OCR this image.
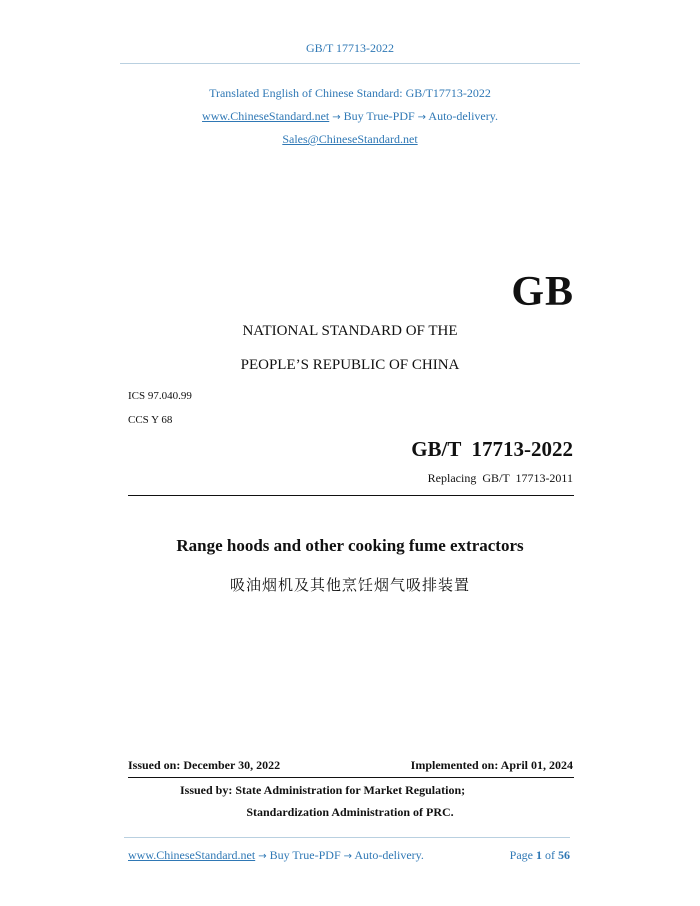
GB/T 17713-2022
Translated English of Chinese Standard: GB/T17713-2022
www.ChineseStandard.net → Buy True-PDF → Auto-delivery.
Sales@ChineseStandard.net
GB
NATIONAL STANDARD OF THE
PEOPLE’S REPUBLIC OF CHINA
ICS 97.040.99
CCS Y 68
GB/T  17713-2022
Replacing  GB/T  17713-2011
Range hoods and other cooking fume extractors
吸油烟机及其他烹饪烟气吸排装置
Issued on: December 30, 2022	Implemented on: April 01, 2024
Issued by: State Administration for Market Regulation;
Standardization Administration of PRC.
www.ChineseStandard.net → Buy True-PDF → Auto-delivery.	Page 1 of 56
